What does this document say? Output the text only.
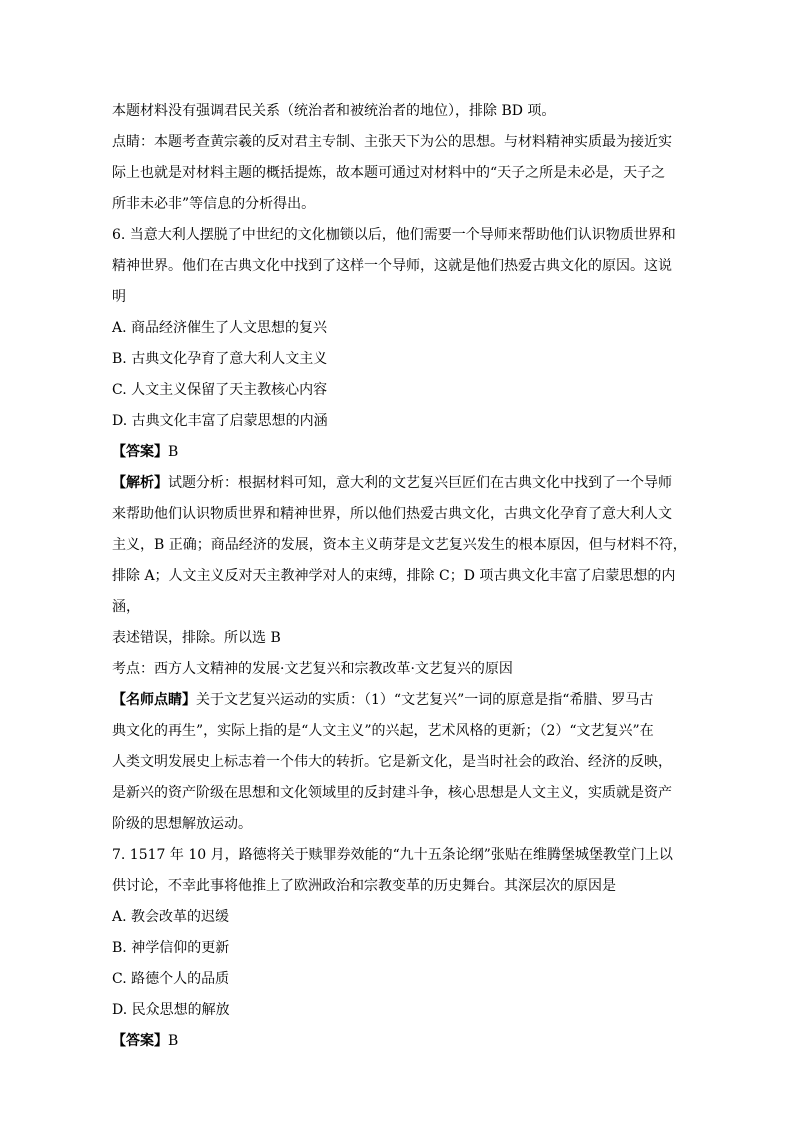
本题材料没有强调君民关系（统治者和被统治者的地位），排除 BD 项。

点睛：本题考查黄宗羲的反对君主专制、主张天下为公的思想。与材料精神实质最为接近实

际上也就是对材料主题的概括提炼，故本题可通过对材料中的“天子之所是未必是，天子之

所非未必非”等信息的分析得出。

6. 当意大利人摆脱了中世纪的文化枷锁以后，他们需要一个导师来帮助他们认识物质世界和

精神世界。他们在古典文化中找到了这样一个导师，这就是他们热爱古典文化的原因。这说

明

A. 商品经济催生了人文思想的复兴

B. 古典文化孕育了意大利人文主义

C. 人文主义保留了天主教核心内容

D. 古典文化丰富了启蒙思想的内涵

【答案】B

【解析】试题分析：根据材料可知，意大利的文艺复兴巨匠们在古典文化中找到了一个导师

来帮助他们认识物质世界和精神世界，所以他们热爱古典文化，古典文化孕育了意大利人文

主义，B 正确；商品经济的发展，资本主义萌芽是文艺复兴发生的根本原因，但与材料不符，

排除 A；人文主义反对天主教神学对人的束缚，排除 C；D 项古典文化丰富了启蒙思想的内涵，

表述错误，排除。所以选 B

考点：西方人文精神的发展·文艺复兴和宗教改革·文艺复兴的原因

【名师点睛】关于文艺复兴运动的实质：（1）“文艺复兴”一词的原意是指“希腊、罗马古

典文化的再生”，实际上指的是“人文主义”的兴起，艺术风格的更新；（2）“文艺复兴”在

人类文明发展史上标志着一个伟大的转折。它是新文化，是当时社会的政治、经济的反映，

是新兴的资产阶级在思想和文化领域里的反封建斗争，核心思想是人文主义，实质就是资产

阶级的思想解放运动。

7. 1517 年 10 月，路德将关于赎罪券效能的“九十五条论纲”张贴在维腾堡城堡教堂门上以

供讨论，不幸此事将他推上了欧洲政治和宗教变革的历史舞台。其深层次的原因是

A. 教会改革的迟缓

B. 神学信仰的更新

C. 路德个人的品质

D. 民众思想的解放

【答案】B
